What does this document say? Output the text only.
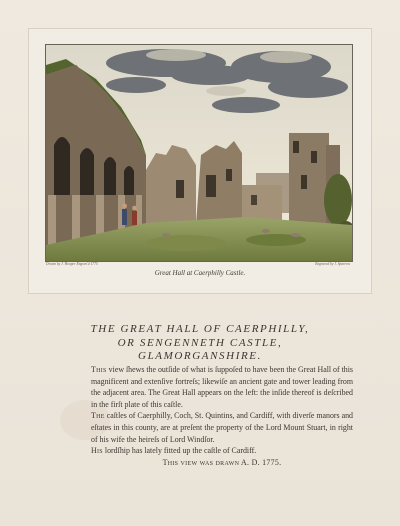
Drawn by J. Hooper Engrav'd 1775	Engraved by J. Sparrow
Great Hall at Caerphilly Castle.
THE GREAT HALL OF CAERPHILLY,
OR SENGENNETH CASTLE,
GLAMORGANSHIRE.

This view ſhews the outſide of what is ſuppoſed to have been the Great Hall of this magnificent and extenſive fortreſs; likewiſe an ancient gate and tower leading from the adjacent area. The Great Hall appears on the left: the inſide thereof is deſcribed in the firſt plate of this caſtle.

The caſtles of Caerphilly, Coch, St. Quintins, and Cardiff, with diverſe manors and eſtates in this county, are at preſent the property of the Lord Mount Stuart, in right of his wife the heireſs of Lord Windſor.

His lordſhip has lately fitted up the caſtle of Cardiff.

This view was drawn A. D. 1775.
